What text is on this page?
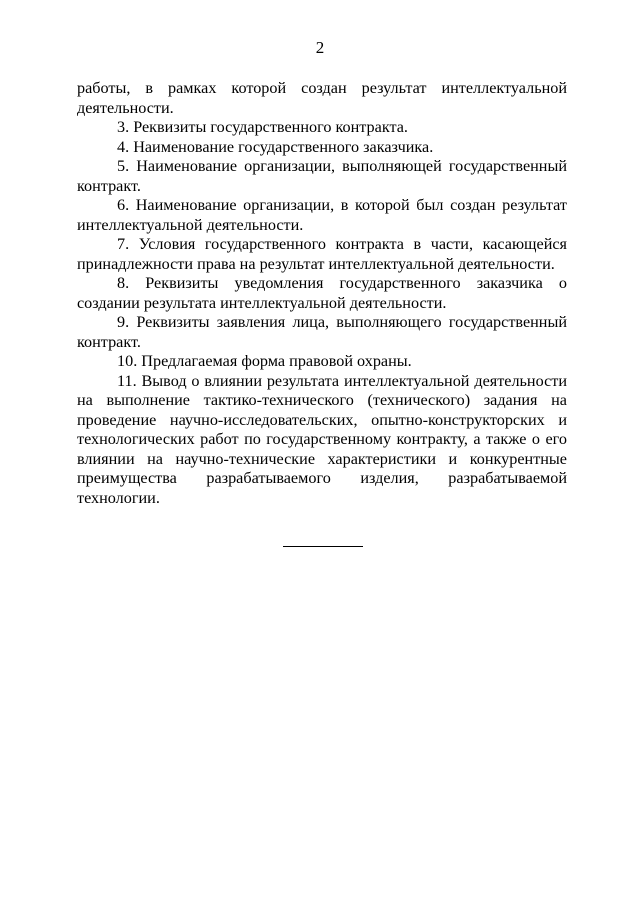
2

работы, в рамках которой создан результат интеллектуальной деятельности.

3. Реквизиты государственного контракта.

4. Наименование государственного заказчика.

5. Наименование организации, выполняющей государственный контракт.

6. Наименование организации, в которой был создан результат интеллектуальной деятельности.

7. Условия государственного контракта в части, касающейся принадлежности права на результат интеллектуальной деятельности.

8. Реквизиты уведомления государственного заказчика о создании результата интеллектуальной деятельности.

9. Реквизиты заявления лица, выполняющего государственный контракт.

10. Предлагаемая форма правовой охраны.

11. Вывод о влиянии результата интеллектуальной деятельности на выполнение тактико-технического (технического) задания на проведение научно-исследовательских, опытно-конструкторских и технологических работ по государственному контракту, а также о его влиянии на научно-технические характеристики и конкурентные преимущества разрабатываемого изделия, разрабатываемой технологии.
